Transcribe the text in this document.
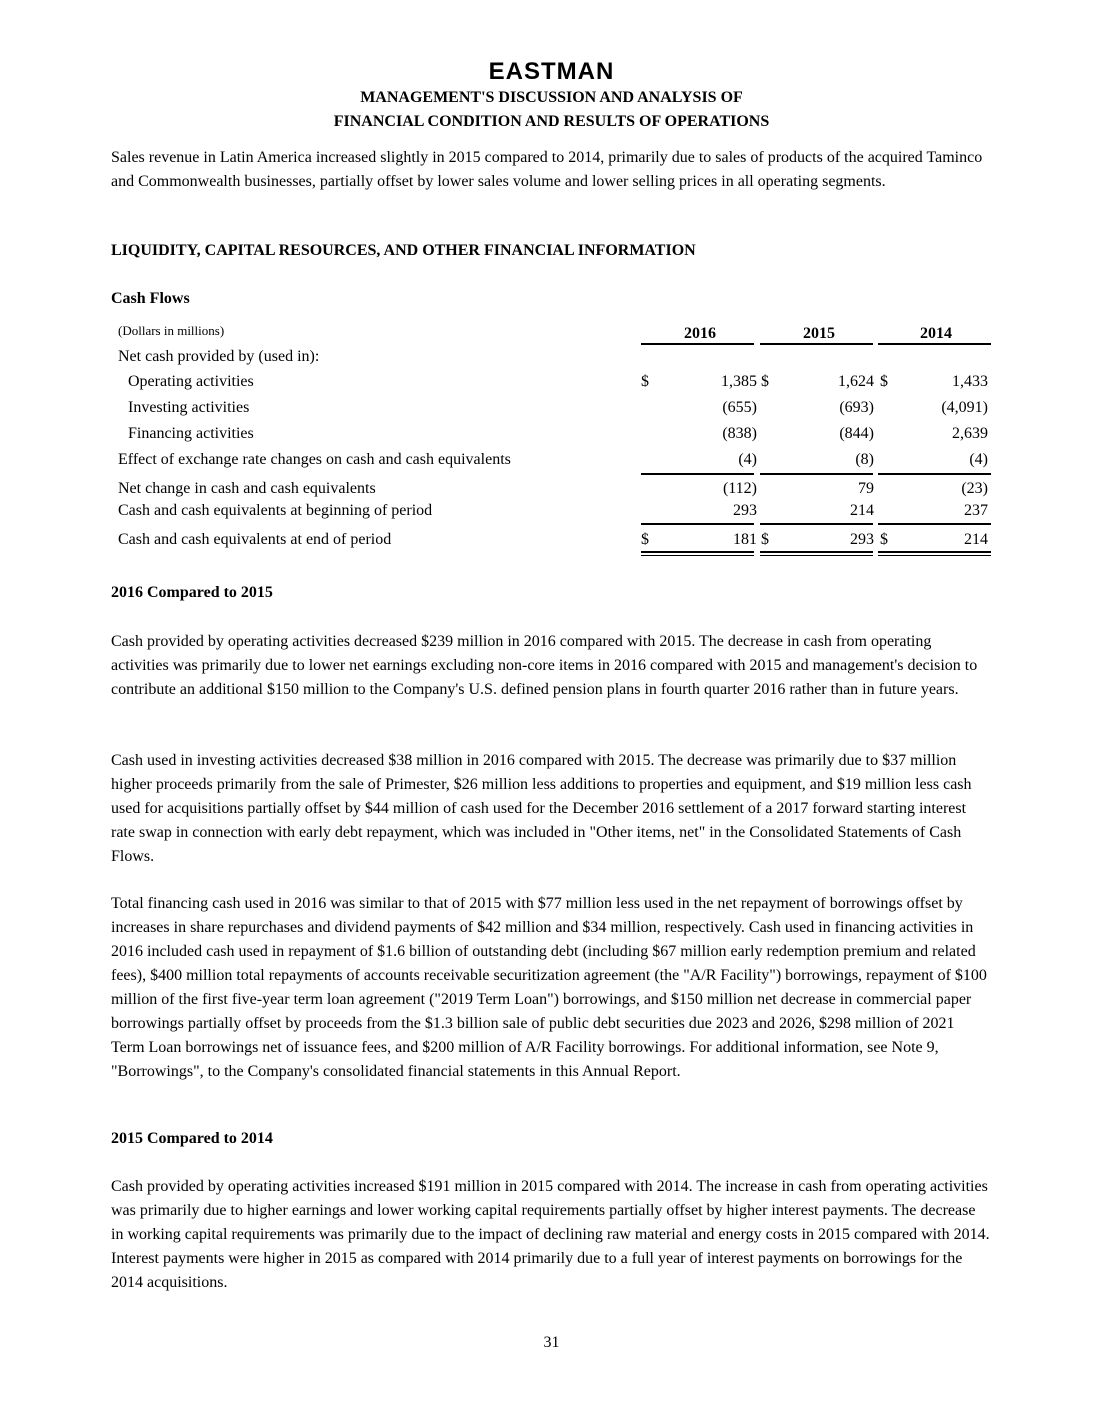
EASTMAN
MANAGEMENT'S DISCUSSION AND ANALYSIS OF
FINANCIAL CONDITION AND RESULTS OF OPERATIONS

Sales revenue in Latin America increased slightly in 2015 compared to 2014, primarily due to sales of products of the acquired Taminco and Commonwealth businesses, partially offset by lower sales volume and lower selling prices in all operating segments.

LIQUIDITY, CAPITAL RESOURCES, AND OTHER FINANCIAL INFORMATION
Cash Flows
(Dollars in millions)	2016	2015	2014
Net cash provided by (used in):
Operating activities	$	1,385 $	1,624 $	1,433
Investing activities	(655)	(693)	(4,091)
Financing activities	(838)	(844)	2,639
Effect of exchange rate changes on cash and cash equivalents	(4)	(8)	(4)
Net change in cash and cash equivalents	(112)	79	(23)
Cash and cash equivalents at beginning of period	293	214	237
Cash and cash equivalents at end of period	$	181 $	293 $	214
2016 Compared to 2015

Cash provided by operating activities decreased $239 million in 2016 compared with 2015. The decrease in cash from operating activities was primarily due to lower net earnings excluding non-core items in 2016 compared with 2015 and management's decision to contribute an additional $150 million to the Company's U.S. defined pension plans in fourth quarter 2016 rather than in future years.

Cash used in investing activities decreased $38 million in 2016 compared with 2015. The decrease was primarily due to $37 million higher proceeds primarily from the sale of Primester, $26 million less additions to properties and equipment, and $19 million less cash used for acquisitions partially offset by $44 million of cash used for the December 2016 settlement of a 2017 forward starting interest rate swap in connection with early debt repayment, which was included in "Other items, net" in the Consolidated Statements of Cash Flows.

Total financing cash used in 2016 was similar to that of 2015 with $77 million less used in the net repayment of borrowings offset by increases in share repurchases and dividend payments of $42 million and $34 million, respectively. Cash used in financing activities in 2016 included cash used in repayment of $1.6 billion of outstanding debt (including $67 million early redemption premium and related fees), $400 million total repayments of accounts receivable securitization agreement (the "A/R Facility") borrowings, repayment of $100 million of the first five-year term loan agreement ("2019 Term Loan") borrowings, and $150 million net decrease in commercial paper borrowings partially offset by proceeds from the $1.3 billion sale of public debt securities due 2023 and 2026, $298 million of 2021 Term Loan borrowings net of issuance fees, and $200 million of A/R Facility borrowings. For additional information, see Note 9, "Borrowings", to the Company's consolidated financial statements in this Annual Report.

2015 Compared to 2014

Cash provided by operating activities increased $191 million in 2015 compared with 2014. The increase in cash from operating activities was primarily due to higher earnings and lower working capital requirements partially offset by higher interest payments. The decrease in working capital requirements was primarily due to the impact of declining raw material and energy costs in 2015 compared with 2014. Interest payments were higher in 2015 as compared with 2014 primarily due to a full year of interest payments on borrowings for the 2014 acquisitions.

31
